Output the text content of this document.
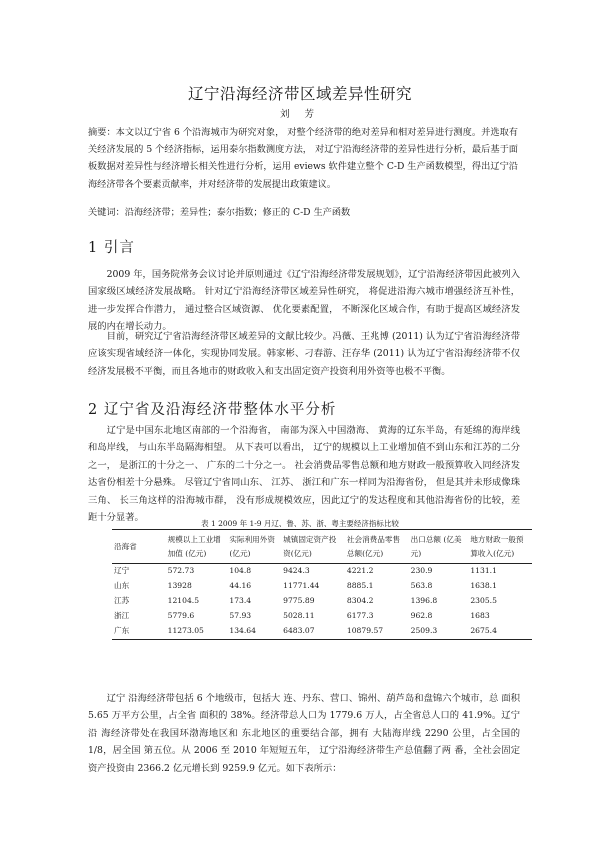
辽宁沿海经济带区域差异性研究
刘 芳
摘要：本文以辽宁省 6 个沿海城市为研究对象， 对整个经济带的绝对差异和相对差异进行测度。并选取有关经济发展的 5 个经济指标，运用泰尔指数测度方法， 对辽宁沿海经济带的差异性进行分析，最后基于面板数据对差异性与经济增长相关性进行分析，运用 eviews 软件建立整个 C-D 生产函数模型，得出辽宁沿海经济带各个要素贡献率，并对经济带的发展提出政策建议。
关键词：沿海经济带；差异性；泰尔指数；修正的 C-D 生产函数
1 引言
2009 年，国务院常务会议讨论并原则通过《辽宁沿海经济带发展规划》，辽宁沿海经济带因此被列入国家级区域经济发展战略。 针对辽宁沿海经济带区域差异性研究， 将促进沿海六城市增强经济互补性， 进一步发挥合作潜力， 通过整合区域资源、 优化要素配置， 不断深化区域合作，有助于提高区域经济发展的内在增长动力。
目前，研究辽宁省沿海经济带区域差异的文献比较少。冯薇、王兆博 (2011) 认为辽宁省沿海经济带应该实现省域经济一体化，实现协同发展。韩家彬、刁春游、汪存华 (2011) 认为辽宁省沿海经济带不仅经济发展极不平衡，而且各地市的财政收入和支出固定资产投资利用外资等也极不平衡。
2 辽宁省及沿海经济带整体水平分析
辽宁是中国东北地区南部的一个沿海省， 南部为深入中国渤海、 黄海的辽东半岛，有延绵的海岸线和岛岸线， 与山东半岛隔海相望。 从下表可以看出， 辽宁的规模以上工业增加值不到山东和江苏的二分之一， 是浙江的十分之一、 广东的二十分之一。 社会消费品零售总额和地方财政一般预算收入同经济发达省份相差十分悬殊。 尽管辽宁省同山东、 江苏、 浙江和广东一样同为沿海省份， 但是其并未形成像珠三角、 长三角这样的沿海城市群， 没有形成规模效应，因此辽宁的发达程度和其他沿海省份的比较，差距十分显著。
表 1 2009 年 1-9 月辽、鲁、苏、浙、粤主要经济指标比较
沿海省	规模以上工业增加值 (亿元)	实际利用外资(亿元)	城镇固定资产投资(亿元)	社会消费品零售总额(亿元)	出口总额 (亿美元)	地方财政一般预算收入(亿元)
辽宁	572.73	104.8	9424.3	4221.2	230.9	1131.1
山东	13928	44.16	11771.44	8885.1	563.8	1638.1
江苏	12104.5	173.4	9775.89	8304.2	1396.8	2305.5
浙江	5779.6	57.93	5028.11	6177.3	962.8	1683
广东	11273.05	134.64	6483.07	10879.57	2509.3	2675.4
辽宁 沿海经济带包括 6 个地级市，包括大 连、丹东、营口、锦州、葫芦岛和盘锦六个城市，总 面积 5.65 万平方公里，占全省 面积的 38%。经济带总人口为 1779.6 万人，占全省总人口的 41.9%。辽宁沿 海经济带处在我国环渤海地区和 东北地区的重要结合部，拥有 大陆海岸线 2290 公里，占全国的 1/8，居全国 第五位。从 2006 至 2010 年短短五年， 辽宁沿海经济带生产总值翻了两 番，全社会固定资产投资由 2366.2 亿元增长到 9259.9 亿元。如下表所示：
